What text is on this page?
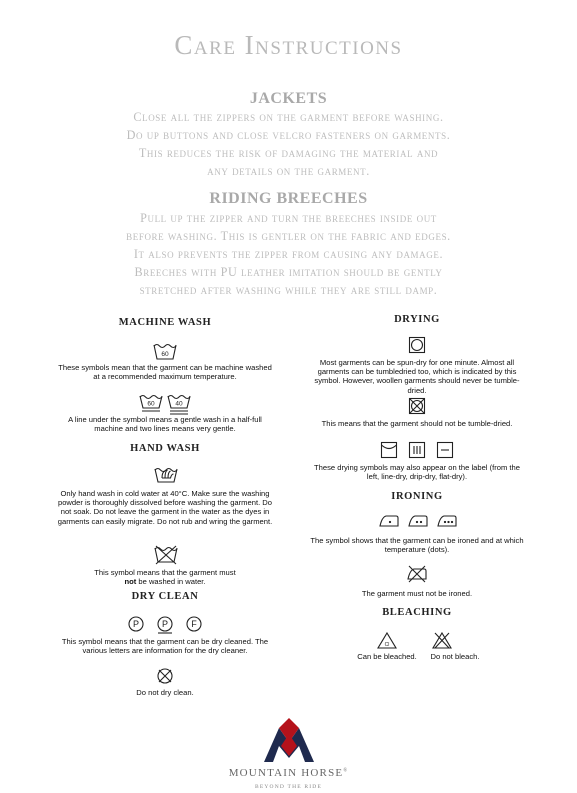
Care Instructions
JACKETS
Close all the zippers on the garment before washing.
Do up buttons and close velcro fasteners on garments.
This reduces the risk of damaging the material and
any details on the garment.
RIDING BREECHES
Pull up the zipper and turn the breeches inside out
before washing. This is gentler on the fabric and edges.
It also prevents the zipper from causing any damage.
Breeches with PU leather imitation should be gently
stretched after washing while they are still damp.
MACHINE WASH
60
These symbols mean that the garment can be machine washed at a recommended maximum temperature.
60	40
A line under the symbol means a gentle wash in a half-full machine and two lines means very gentle.
HAND WASH
Only hand wash in cold water at 40°C. Make sure the washing powder is thoroughly dissolved before washing the garment. Do not soak. Do not leave the garment in the water as the dyes in garments can easily migrate. Do not rub and wring the garment.
This symbol means that the garment must
not be washed in water.
DRY CLEAN
P	P	F
This symbol means that the garment can be dry cleaned. The various letters are information for the dry cleaner.
Do not dry clean.
DRYING
Most garments can be spun-dry for one minute. Almost all garments can be tumbledried too, which is indicated by this symbol. However, woollen garments should never be tumble-dried.
This means that the garment should not be tumble-dried.
These drying symbols may also appear on the label (from the left, line-dry, drip-dry, flat-dry).
IRONING
The symbol shows that the garment can be ironed and at which temperature (dots).
The garment must not be ironed.
BLEACHING
Cl
Can be bleached.	Do not bleach.
MOUNTAIN HORSE®
BEYOND THE RIDE
